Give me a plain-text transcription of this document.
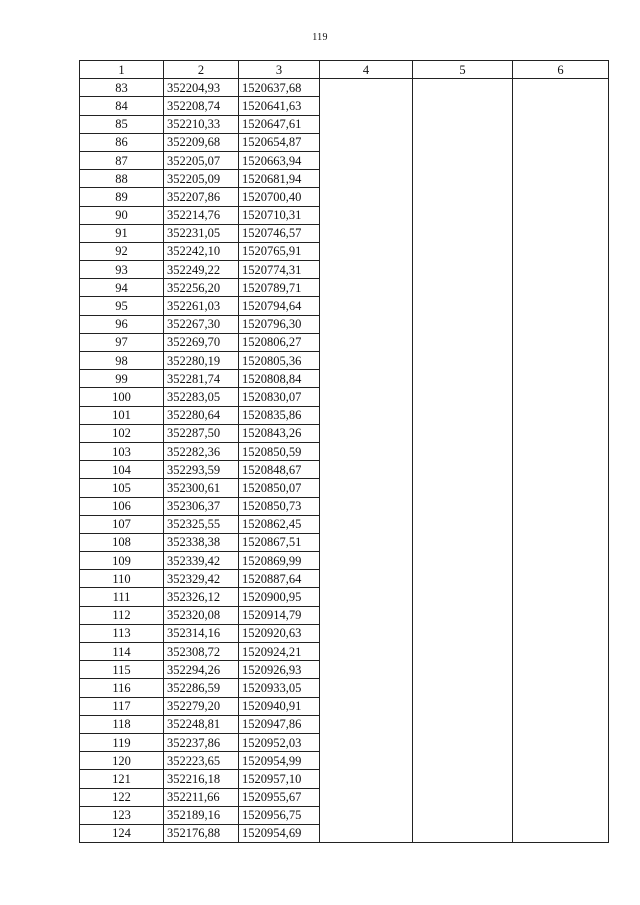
119
1	2	3	4	5	6
83	352204,93	1520637,68			
84	352208,74	1520641,63			
85	352210,33	1520647,61			
86	352209,68	1520654,87			
87	352205,07	1520663,94			
88	352205,09	1520681,94			
89	352207,86	1520700,40			
90	352214,76	1520710,31			
91	352231,05	1520746,57			
92	352242,10	1520765,91			
93	352249,22	1520774,31			
94	352256,20	1520789,71			
95	352261,03	1520794,64			
96	352267,30	1520796,30			
97	352269,70	1520806,27			
98	352280,19	1520805,36			
99	352281,74	1520808,84			
100	352283,05	1520830,07			
101	352280,64	1520835,86			
102	352287,50	1520843,26			
103	352282,36	1520850,59			
104	352293,59	1520848,67			
105	352300,61	1520850,07			
106	352306,37	1520850,73			
107	352325,55	1520862,45			
108	352338,38	1520867,51			
109	352339,42	1520869,99			
110	352329,42	1520887,64			
111	352326,12	1520900,95			
112	352320,08	1520914,79			
113	352314,16	1520920,63			
114	352308,72	1520924,21			
115	352294,26	1520926,93			
116	352286,59	1520933,05			
117	352279,20	1520940,91			
118	352248,81	1520947,86			
119	352237,86	1520952,03			
120	352223,65	1520954,99			
121	352216,18	1520957,10			
122	352211,66	1520955,67			
123	352189,16	1520956,75			
124	352176,88	1520954,69			
